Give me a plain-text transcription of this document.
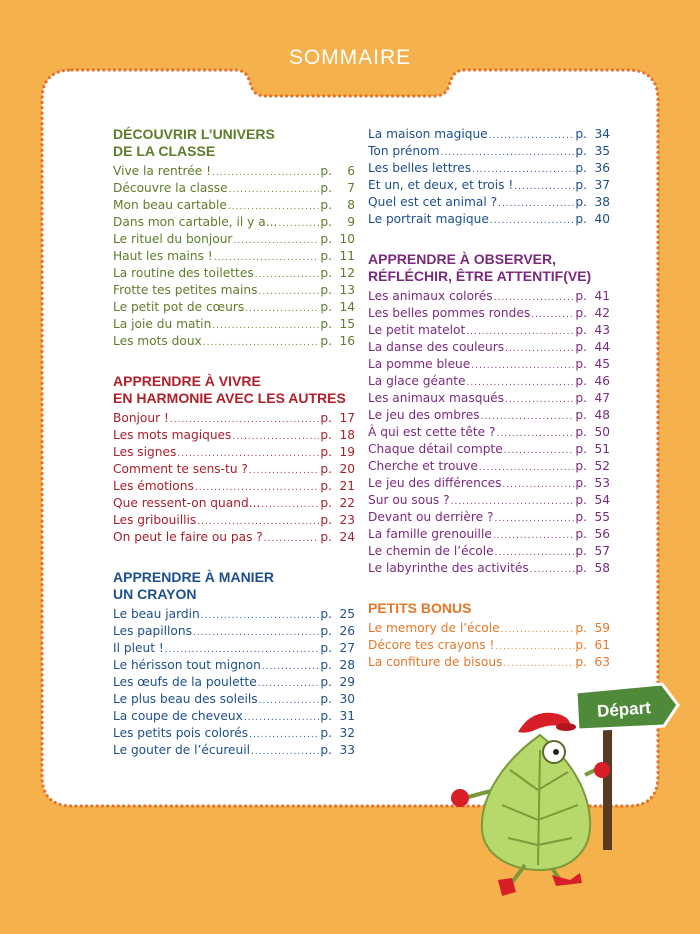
SOMMAIRE
DÉCOUVRIR L’UNIVERS
DE LA CLASSE
Vive la rentrée ! .....	p. 6
Découvre la classe .....	p. 7
Mon beau cartable .....	p. 8
Dans mon cartable, il y a... .....	p. 9
Le rituel du bonjour .....	p. 10
Haut les mains ! .....	p. 11
La routine des toilettes .....	p. 12
Frotte tes petites mains .....	p. 13
Le petit pot de cœurs .....	p. 14
La joie du matin .....	p. 15
Les mots doux .....	p. 16
APPRENDRE À VIVRE
EN HARMONIE AVEC LES AUTRES
Bonjour ! .....	p. 17
Les mots magiques .....	p. 18
Les signes .....	p. 19
Comment te sens-tu ? .....	p. 20
Les émotions .....	p. 21
Que ressent-on quand... .....	p. 22
Les gribouillis .....	p. 23
On peut le faire ou pas ? .....	p. 24
APPRENDRE À MANIER
UN CRAYON
Le beau jardin .....	p. 25
Les papillons .....	p. 26
Il pleut ! .....	p. 27
Le hérisson tout mignon .....	p. 28
Les œufs de la poulette .....	p. 29
Le plus beau des soleils .....	p. 30
La coupe de cheveux .....	p. 31
Les petits pois colorés .....	p. 32
Le gouter de l’écureuil .....	p. 33
La maison magique .....	p. 34
Ton prénom .....	p. 35
Les belles lettres .....	p. 36
Et un, et deux, et trois ! .....	p. 37
Quel est cet animal ? .....	p. 38
Le portrait magique .....	p. 40
APPRENDRE À OBSERVER,
RÉFLÉCHIR, ÊTRE ATTENTIF(VE)
Les animaux colorés .....	p. 41
Les belles pommes rondes .....	p. 42
Le petit matelot .....	p. 43
La danse des couleurs .....	p. 44
La pomme bleue .....	p. 45
La glace géante .....	p. 46
Les animaux masqués .....	p. 47
Le jeu des ombres .....	p. 48
À qui est cette tête ? .....	p. 50
Chaque détail compte .....	p. 51
Cherche et trouve .....	p. 52
Le jeu des différences .....	p. 53
Sur ou sous ? .....	p. 54
Devant ou derrière ? .....	p. 55
La famille grenouille .....	p. 56
Le chemin de l’école .....	p. 57
Le labyrinthe des activités .....	p. 58
PETITS BONUS
Le memory de l’école .....	p. 59
Décore tes crayons ! .....	p. 61
La confiture de bisous .....	p. 63
Départ
